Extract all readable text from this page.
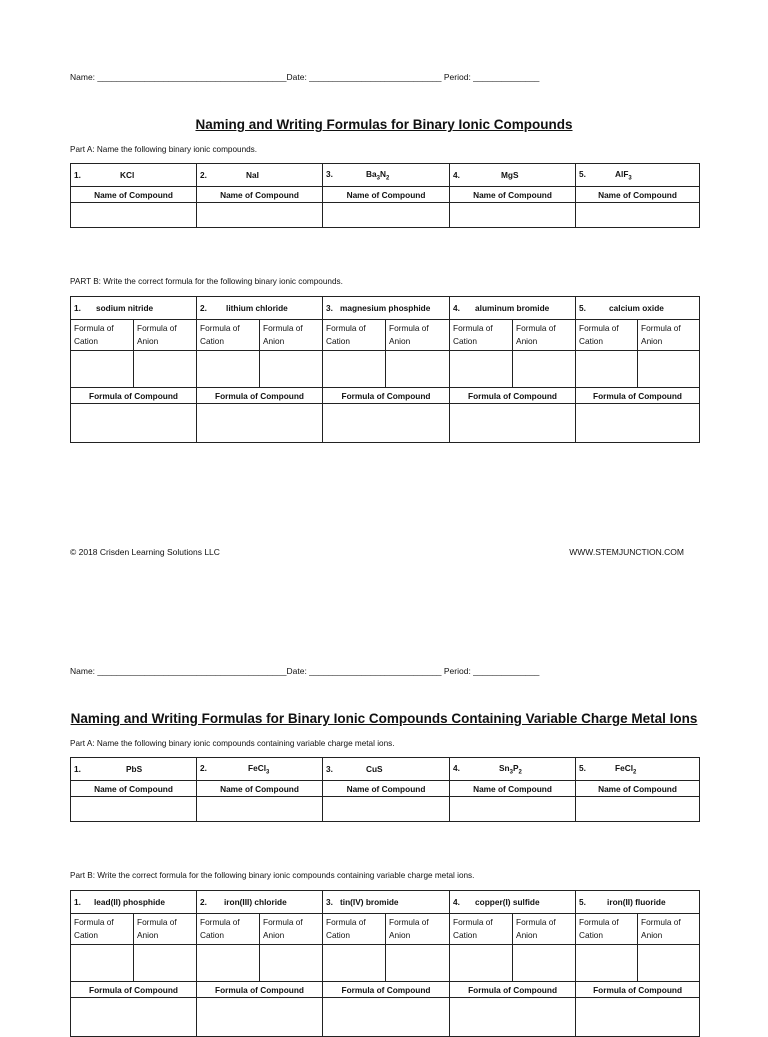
Name: ________________________________________Date: ____________________________ Period: ______________
Naming and Writing Formulas for Binary Ionic Compounds
Part A: Name the following binary ionic compounds.
1. KCl	2. NaI	3. $Ba_3N_2$	4. MgS	5. AlF$_3$
Name of Compound	Name of Compound	Name of Compound	Name of Compound	Name of Compound

PART B: Write the correct formula for the following binary ionic compounds.
1. sodium nitride		2. lithium chloride		3. magnesium phosphide		4. aluminum bromide		5. calcium oxide	
Formula of Cation	Formula of Anion	Formula of Cation	Formula of Anion	Formula of Cation	Formula of Anion	Formula of Cation	Formula of Anion	Formula of Cation	Formula of Anion

Formula of Compound		Formula of Compound		Formula of Compound		Formula of Compound		Formula of Compound	

© 2018 Crisden Learning Solutions LLC	WWW.STEMJUNCTION.COM
Name: ________________________________________Date: ____________________________ Period: ______________
Naming and Writing Formulas for Binary Ionic Compounds Containing Variable Charge Metal Ions
Part A: Name the following binary ionic compounds containing variable charge metal ions.
1. PbS	2. FeCl$_3$	3. CuS	4. $Sn_3P_2$	5. FeCl$_2$
Name of Compound	Name of Compound	Name of Compound	Name of Compound	Name of Compound

Part B: Write the correct formula for the following binary ionic compounds containing variable charge metal ions.
1. lead(II) phosphide		2. iron(III) chloride		3. tin(IV) bromide		4. copper(I) sulfide		5. iron(II) fluoride	
Formula of Cation	Formula of Anion	Formula of Cation	Formula of Anion	Formula of Cation	Formula of Anion	Formula of Cation	Formula of Anion	Formula of Cation	Formula of Anion

Formula of Compound		Formula of Compound		Formula of Compound		Formula of Compound		Formula of Compound	
